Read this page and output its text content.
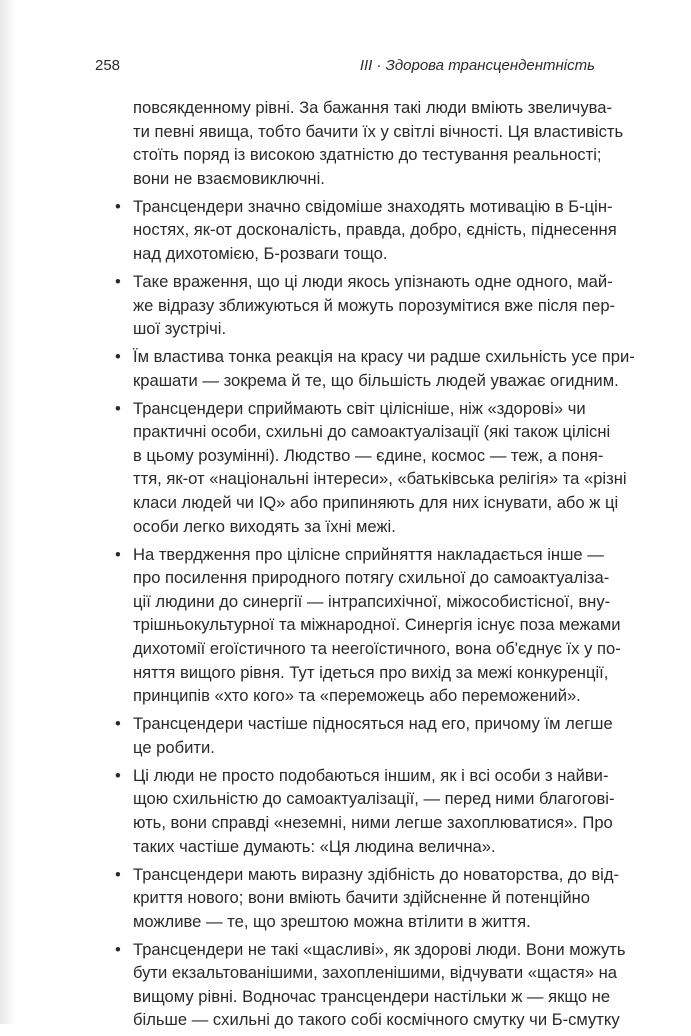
258	III · Здорова трансцендентність
повсякденному рівні. За бажання такі люди вміють звеличува-
ти певні явища, тобто бачити їх у світлі вічності. Ця властивість
стоїть поряд із високою здатністю до тестування реальності;
вони не взаємовиключні.
• Трансцендери значно свідоміше знаходять мотивацію в Б-цін-
ностях, як-от досконалість, правда, добро, єдність, піднесення
над дихотомією, Б-розваги тощо.
• Таке враження, що ці люди якось упізнають одне одного, май-
же відразу зближуються й можуть порозумітися вже після пер-
шої зустрічі.
• Їм властива тонка реакція на красу чи радше схильність усе при-
крашати — зокрема й те, що більшість людей уважає огидним.
• Трансцендери сприймають світ цілісніше, ніж «здорові» чи
практичні особи, схильні до самоактуалізації (які також цілісні
в цьому розумінні). Людство — єдине, космос — теж, а поня-
ття, як-от «національні інтереси», «батьківська релігія» та «різні
класи людей чи IQ» або припиняють для них існувати, або ж ці
особи легко виходять за їхні межі.
• На твердження про цілісне сприйняття накладається інше —
про посилення природного потягу схильної до самоактуаліза-
ції людини до синергії — інтрапсихічної, міжособистісної, вну-
трішньокультурної та міжнародної. Синергія існує поза межами
дихотомії егоїстичного та неегоїстичного, вона об'єднує їх у по-
няття вищого рівня. Тут ідеться про вихід за межі конкуренції,
принципів «хто кого» та «переможець або переможений».
• Трансцендери частіше підносяться над его, причому їм легше
це робити.
• Ці люди не просто подобаються іншим, як і всі особи з найви-
щою схильністю до самоактуалізації, — перед ними благогові-
ють, вони справді «неземні, ними легше захоплюватися». Про
таких частіше думають: «Ця людина велична».
• Трансцендери мають виразну здібність до новаторства, до від-
криття нового; вони вміють бачити здійсненне й потенційно
можливе — те, що зрештою можна втілити в життя.
• Трансцендери не такі «щасливі», як здорові люди. Вони можуть
бути екзальтованішими, захопленішими, відчувати «щастя» на
вищому рівні. Водночас трансцендери настільки ж — якщо не
більше — схильні до такого собі космічного смутку чи Б-смутку
